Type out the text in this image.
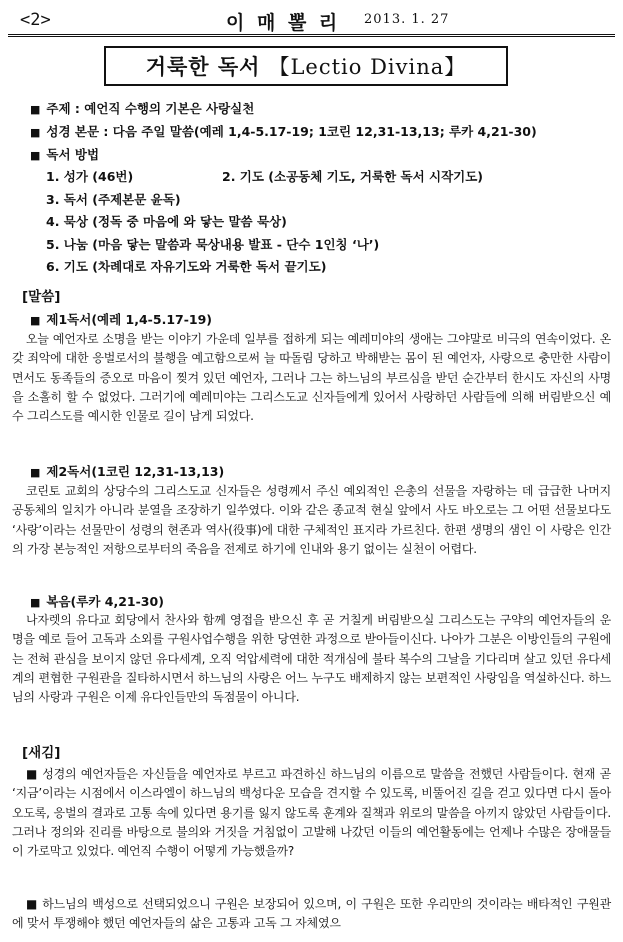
<2>	이 매 뽈 리 2013. 1. 27
거룩한 독서 【Lectio Divina】
■ 주제 : 예언직 수행의 기본은 사랑실천
■ 성경 본문 : 다음 주일 말씀(예레 1,4-5.17-19; 1코린 12,31-13,13; 루카 4,21-30)
■ 독서 방법
1. 성가 (46번)	2. 기도 (소공동체 기도, 거룩한 독서 시작기도)
3. 독서 (주제본문 윤독)
4. 묵상 (정독 중 마음에 와 닿는 말씀 묵상)
5. 나눔 (마음 닿는 말씀과 묵상내용 발표 - 단수 1인칭 ‘나’)
6. 기도 (차례대로 자유기도와 거룩한 독서 끝기도)
[말씀]
■ 제1독서(예레 1,4-5.17-19)
오늘 예언자로 소명을 받는 이야기 가운데 일부를 접하게 되는 예레미야의 생애는 그야말로 비극의 연속이었다. 온갖 죄악에 대한 응벌로서의 불행을 예고함으로써 늘 따돌림 당하고 박해받는 몸이 된 예언자, 사랑으로 충만한 사람이면서도 동족들의 증오로 마음이 찢겨 있던 예언자, 그러나 그는 하느님의 부르심을 받던 순간부터 한시도 자신의 사명을 소홀히 할 수 없었다. 그러기에 예레미야는 그리스도교 신자들에게 있어서 사랑하던 사람들에 의해 버림받으신 예수 그리스도를 예시한 인물로 길이 남게 되었다.
■ 제2독서(1코린 12,31-13,13)
코린토 교회의 상당수의 그리스도교 신자들은 성령께서 주신 예외적인 은총의 선물을 자랑하는 데 급급한 나머지 공동체의 일치가 아니라 분열을 조장하기 일쑤였다. 이와 같은 종교적 현실 앞에서 사도 바오로는 그 어떤 선물보다도 ‘사랑’이라는 선물만이 성령의 현존과 역사(役事)에 대한 구체적인 표지라 가르친다. 한편 생명의 샘인 이 사랑은 인간의 가장 본능적인 저항으로부터의 죽음을 전제로 하기에 인내와 용기 없이는 실천이 어렵다.
■ 복음(루카 4,21-30)
나자렛의 유다교 회당에서 찬사와 함께 영접을 받으신 후 곧 거칠게 버림받으실 그리스도는 구약의 예언자들의 운명을 예로 들어 고독과 소외를 구원사업수행을 위한 당연한 과정으로 받아들이신다. 나아가 그분은 이방인들의 구원에는 전혀 관심을 보이지 않던 유다세계, 오직 억압세력에 대한 적개심에 불타 복수의 그날을 기다리며 살고 있던 유다세계의 편협한 구원관을 질타하시면서 하느님의 사랑은 어느 누구도 배제하지 않는 보편적인 사랑임을 역설하신다. 하느님의 사랑과 구원은 이제 유다인들만의 독점물이 아니다.
[새김]
■ 성경의 예언자들은 자신들을 예언자로 부르고 파견하신 하느님의 이름으로 말씀을 전했던 사람들이다. 현재 곧 ‘지금’이라는 시점에서 이스라엘이 하느님의 백성다운 모습을 견지할 수 있도록, 비뚤어진 길을 걷고 있다면 다시 돌아오도록, 응벌의 결과로 고통 속에 있다면 용기를 잃지 않도록 훈계와 질책과 위로의 말씀을 아끼지 않았던 사람들이다. 그러나 정의와 진리를 바탕으로 불의와 거짓을 거침없이 고발해 나갔던 이들의 예언활동에는 언제나 수많은 장애물들이 가로막고 있었다. 예언직 수행이 어떻게 가능했을까?
■ 하느님의 백성으로 선택되었으니 구원은 보장되어 있으며, 이 구원은 또한 우리만의 것이라는 배타적인 구원관에 맞서 투쟁해야 했던 예언자들의 삶은 고통과 고독 그 자체였으
